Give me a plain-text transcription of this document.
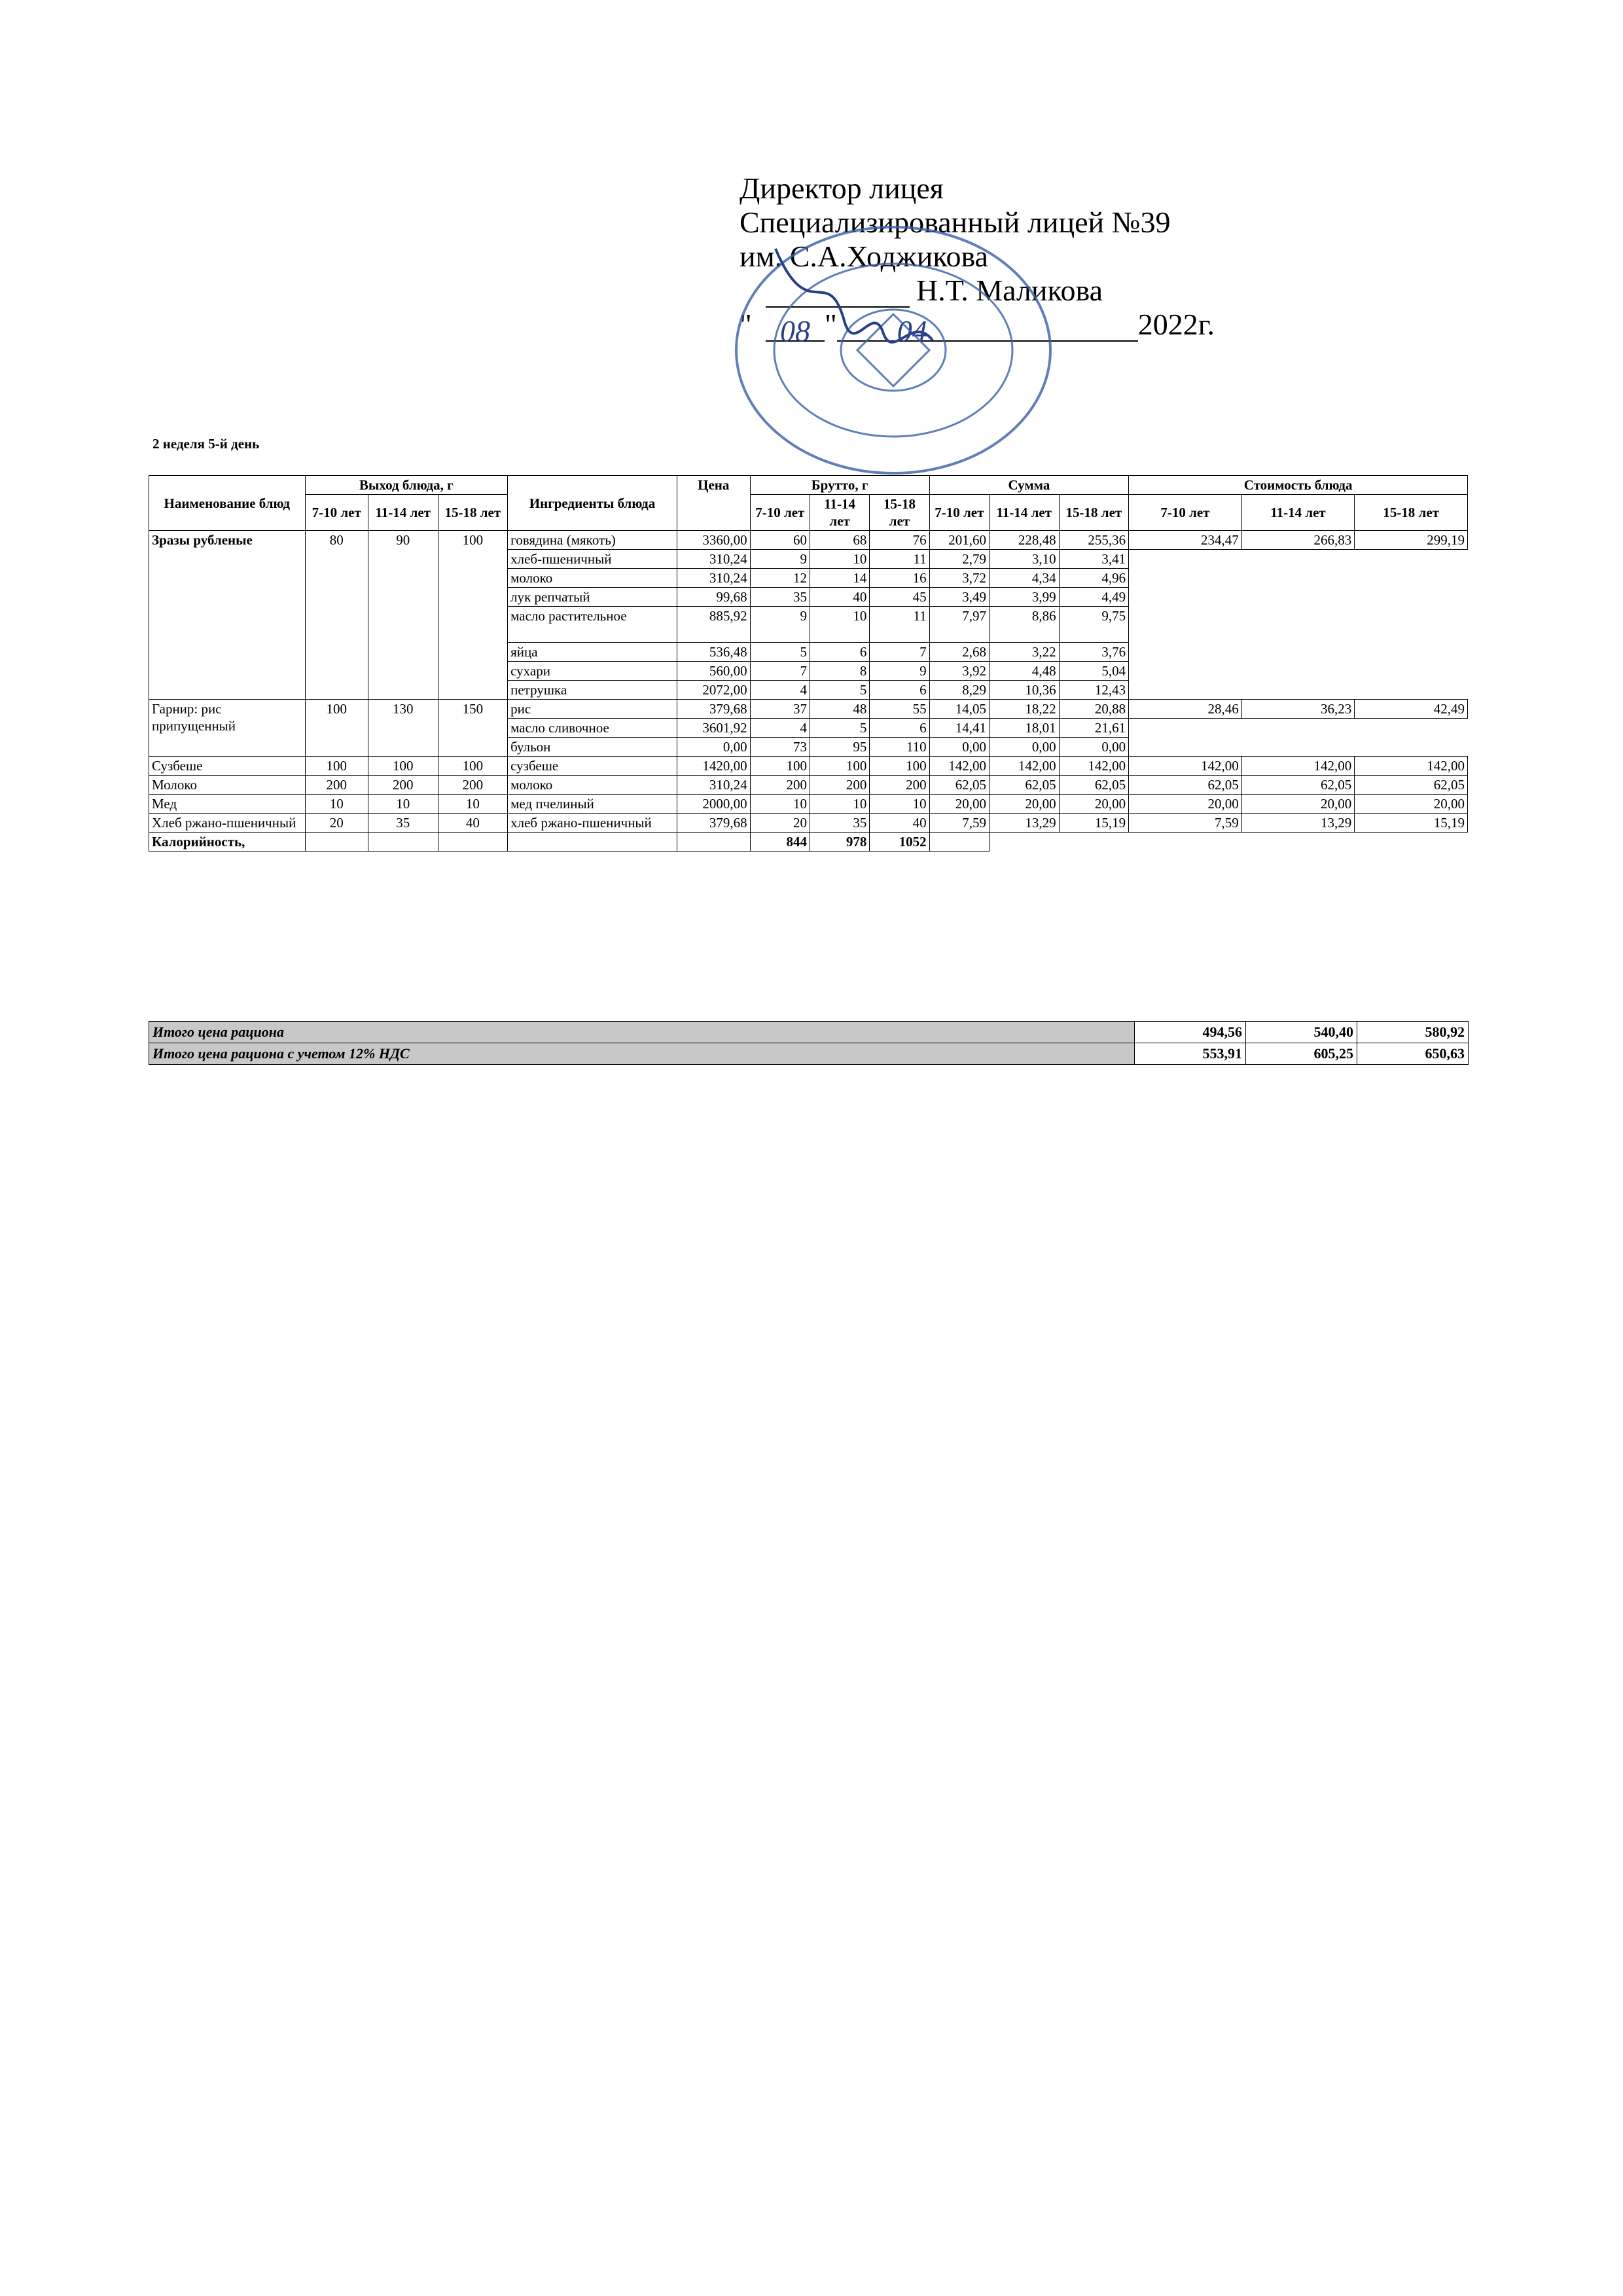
Директор лицея
Специализированный лицей №39
им. С.А.Ходжикова
Н.Т. Маликова
" 08 " 04	2022г.
2 неделя 5-й день
Наименование блюд	Выход блюда, г			Ингредиенты блюда	Цена	Брутто, г			Сумма			Стоимость блюда		
	7-10 лет	11-14 лет	15-18 лет			7-10 лет	11-14 лет	15-18 лет	7-10 лет	11-14 лет	15-18 лет	7-10 лет	11-14 лет	15-18 лет
Зразы рубленые	80	90	100	говядина (мякоть)	3360,00	60	68	76	201,60	228,48	255,36	234,47	266,83	299,19
				хлеб-пшеничный	310,24	9	10	11	2,79	3,10	3,41			
				молоко	310,24	12	14	16	3,72	4,34	4,96			
				лук репчатый	99,68	35	40	45	3,49	3,99	4,49			
				масло растительное	885,92	9	10	11	7,97	8,86	9,75			
				яйца	536,48	5	6	7	2,68	3,22	3,76			
				сухари	560,00	7	8	9	3,92	4,48	5,04			
				петрушка	2072,00	4	5	6	8,29	10,36	12,43			
Гарнир: рис припущенный	100	130	150	рис	379,68	37	48	55	14,05	18,22	20,88	28,46	36,23	42,49
				масло сливочное	3601,92	4	5	6	14,41	18,01	21,61			
				бульон	0,00	73	95	110	0,00	0,00	0,00			
Сузбеше	100	100	100	сузбеше	1420,00	100	100	100	142,00	142,00	142,00	142,00	142,00	142,00
Молоко	200	200	200	молоко	310,24	200	200	200	62,05	62,05	62,05	62,05	62,05	62,05
Мед	10	10	10	мед пчелиный	2000,00	10	10	10	20,00	20,00	20,00	20,00	20,00	20,00
Хлеб ржано-пшеничный	20	35	40	хлеб ржано-пшеничный	379,68	20	35	40	7,59	13,29	15,19	7,59	13,29	15,19
Калорийность,						844	978	1052						
Итого цена рациона	494,56	540,40	580,92
Итого цена рациона с учетом 12% НДС	553,91	605,25	650,63
